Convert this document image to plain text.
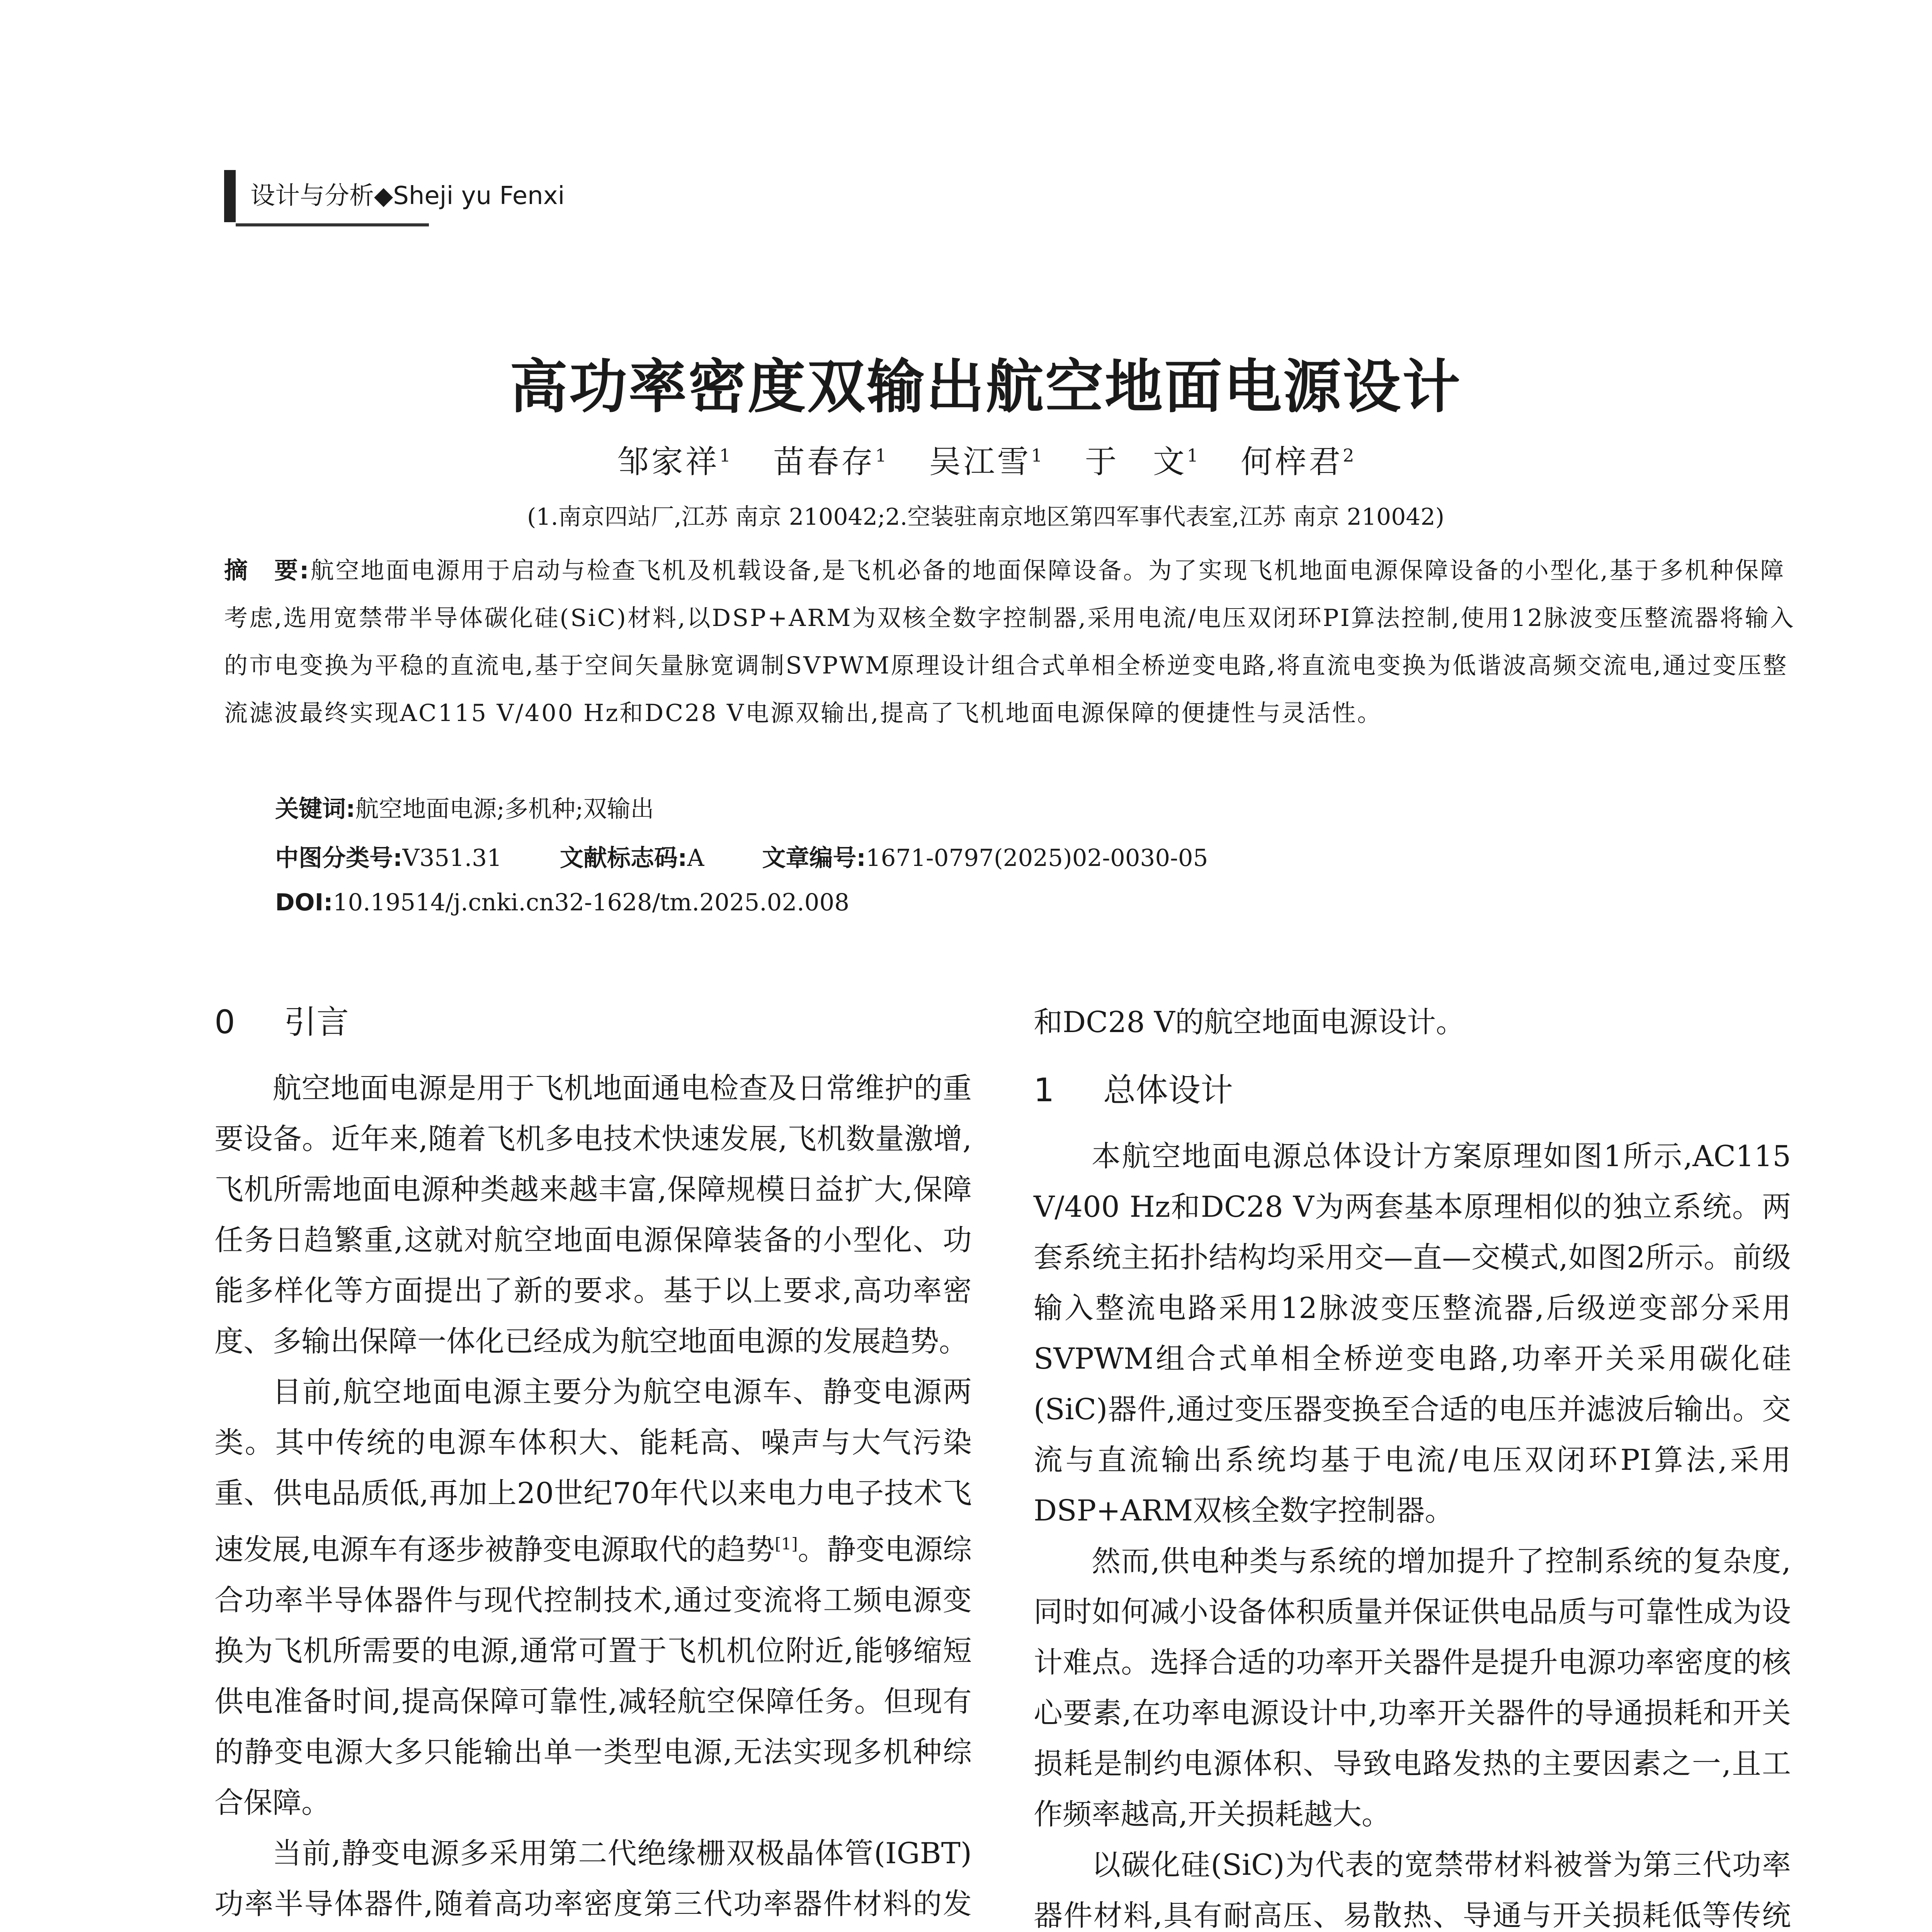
设计与分析◆Sheji yu Fenxi
高功率密度双输出航空地面电源设计
邹家祥$^1$ 苗春存$^1$ 吴江雪$^1$ 于　文$^1$ 何梓君$^2$
(1.南京四站厂,江苏 南京 210042;2.空装驻南京地区第四军事代表室,江苏 南京 210042)
摘　要:航空地面电源用于启动与检查飞机及机载设备,是飞机必备的地面保障设备。为了实现飞机地面电源保障设备的小型化,基于多机种保障考虑,选用宽禁带半导体碳化硅(SiC)材料,以DSP+ARM为双核全数字控制器,采用电流/电压双闭环PI算法控制,使用12脉波变压整流器将输入的市电变换为平稳的直流电,基于空间矢量脉宽调制SVPWM原理设计组合式单相全桥逆变电路,将直流电变换为低谐波高频交流电,通过变压整流滤波最终实现AC115 V/400 Hz和DC28 V电源双输出,提高了飞机地面电源保障的便捷性与灵活性。
关键词:航空地面电源;多机种;双输出
中图分类号:V351.31 文献标志码:A 文章编号:1671-0797(2025)02-0030-05
DOI:10.19514/j.cnki.cn32-1628/tm.2025.02.008
0 引言

航空地面电源是用于飞机地面通电检查及日常维护的重要设备。近年来,随着飞机多电技术快速发展,飞机数量激增,飞机所需地面电源种类越来越丰富,保障规模日益扩大,保障任务日趋繁重,这就对航空地面电源保障装备的小型化、功能多样化等方面提出了新的要求。基于以上要求,高功率密度、多输出保障一体化已经成为航空地面电源的发展趋势。

目前,航空地面电源主要分为航空电源车、静变电源两类。其中传统的电源车体积大、能耗高、噪声与大气污染重、供电品质低,再加上20世纪70年代以来电力电子技术飞速发展,电源车有逐步被静变电源取代的趋势[1]。静变电源综合功率半导体器件与现代控制技术,通过变流将工频电源变换为飞机所需要的电源,通常可置于飞机机位附近,能够缩短供电准备时间,提高保障可靠性,减轻航空保障任务。但现有的静变电源大多只能输出单一类型电源,无法实现多机种综合保障。

当前,静变电源多采用第二代绝缘栅双极晶体管(IGBT)功率半导体器件,随着高功率密度第三代功率器件材料的发

和DC28 V的航空地面电源设计。

1 总体设计

本航空地面电源总体设计方案原理如图1所示,AC115 V/400 Hz和DC28 V为两套基本原理相似的独立系统。两套系统主拓扑结构均采用交—直—交模式,如图2所示。前级输入整流电路采用12脉波变压整流器,后级逆变部分采用SVPWM组合式单相全桥逆变电路,功率开关采用碳化硅(SiC)器件,通过变压器变换至合适的电压并滤波后输出。交流与直流输出系统均基于电流/电压双闭环PI算法,采用DSP+ARM双核全数字控制器。

然而,供电种类与系统的增加提升了控制系统的复杂度,同时如何减小设备体积质量并保证供电品质与可靠性成为设计难点。选择合适的功率开关器件是提升电源功率密度的核心要素,在功率电源设计中,功率开关器件的导通损耗和开关损耗是制约电源体积、导致电路发热的主要因素之一,且工作频率越高,开关损耗越大。

以碳化硅(SiC)为代表的宽禁带材料被誉为第三代功率器件材料,具有耐高压、易散热、导通与开关损耗低等传统
